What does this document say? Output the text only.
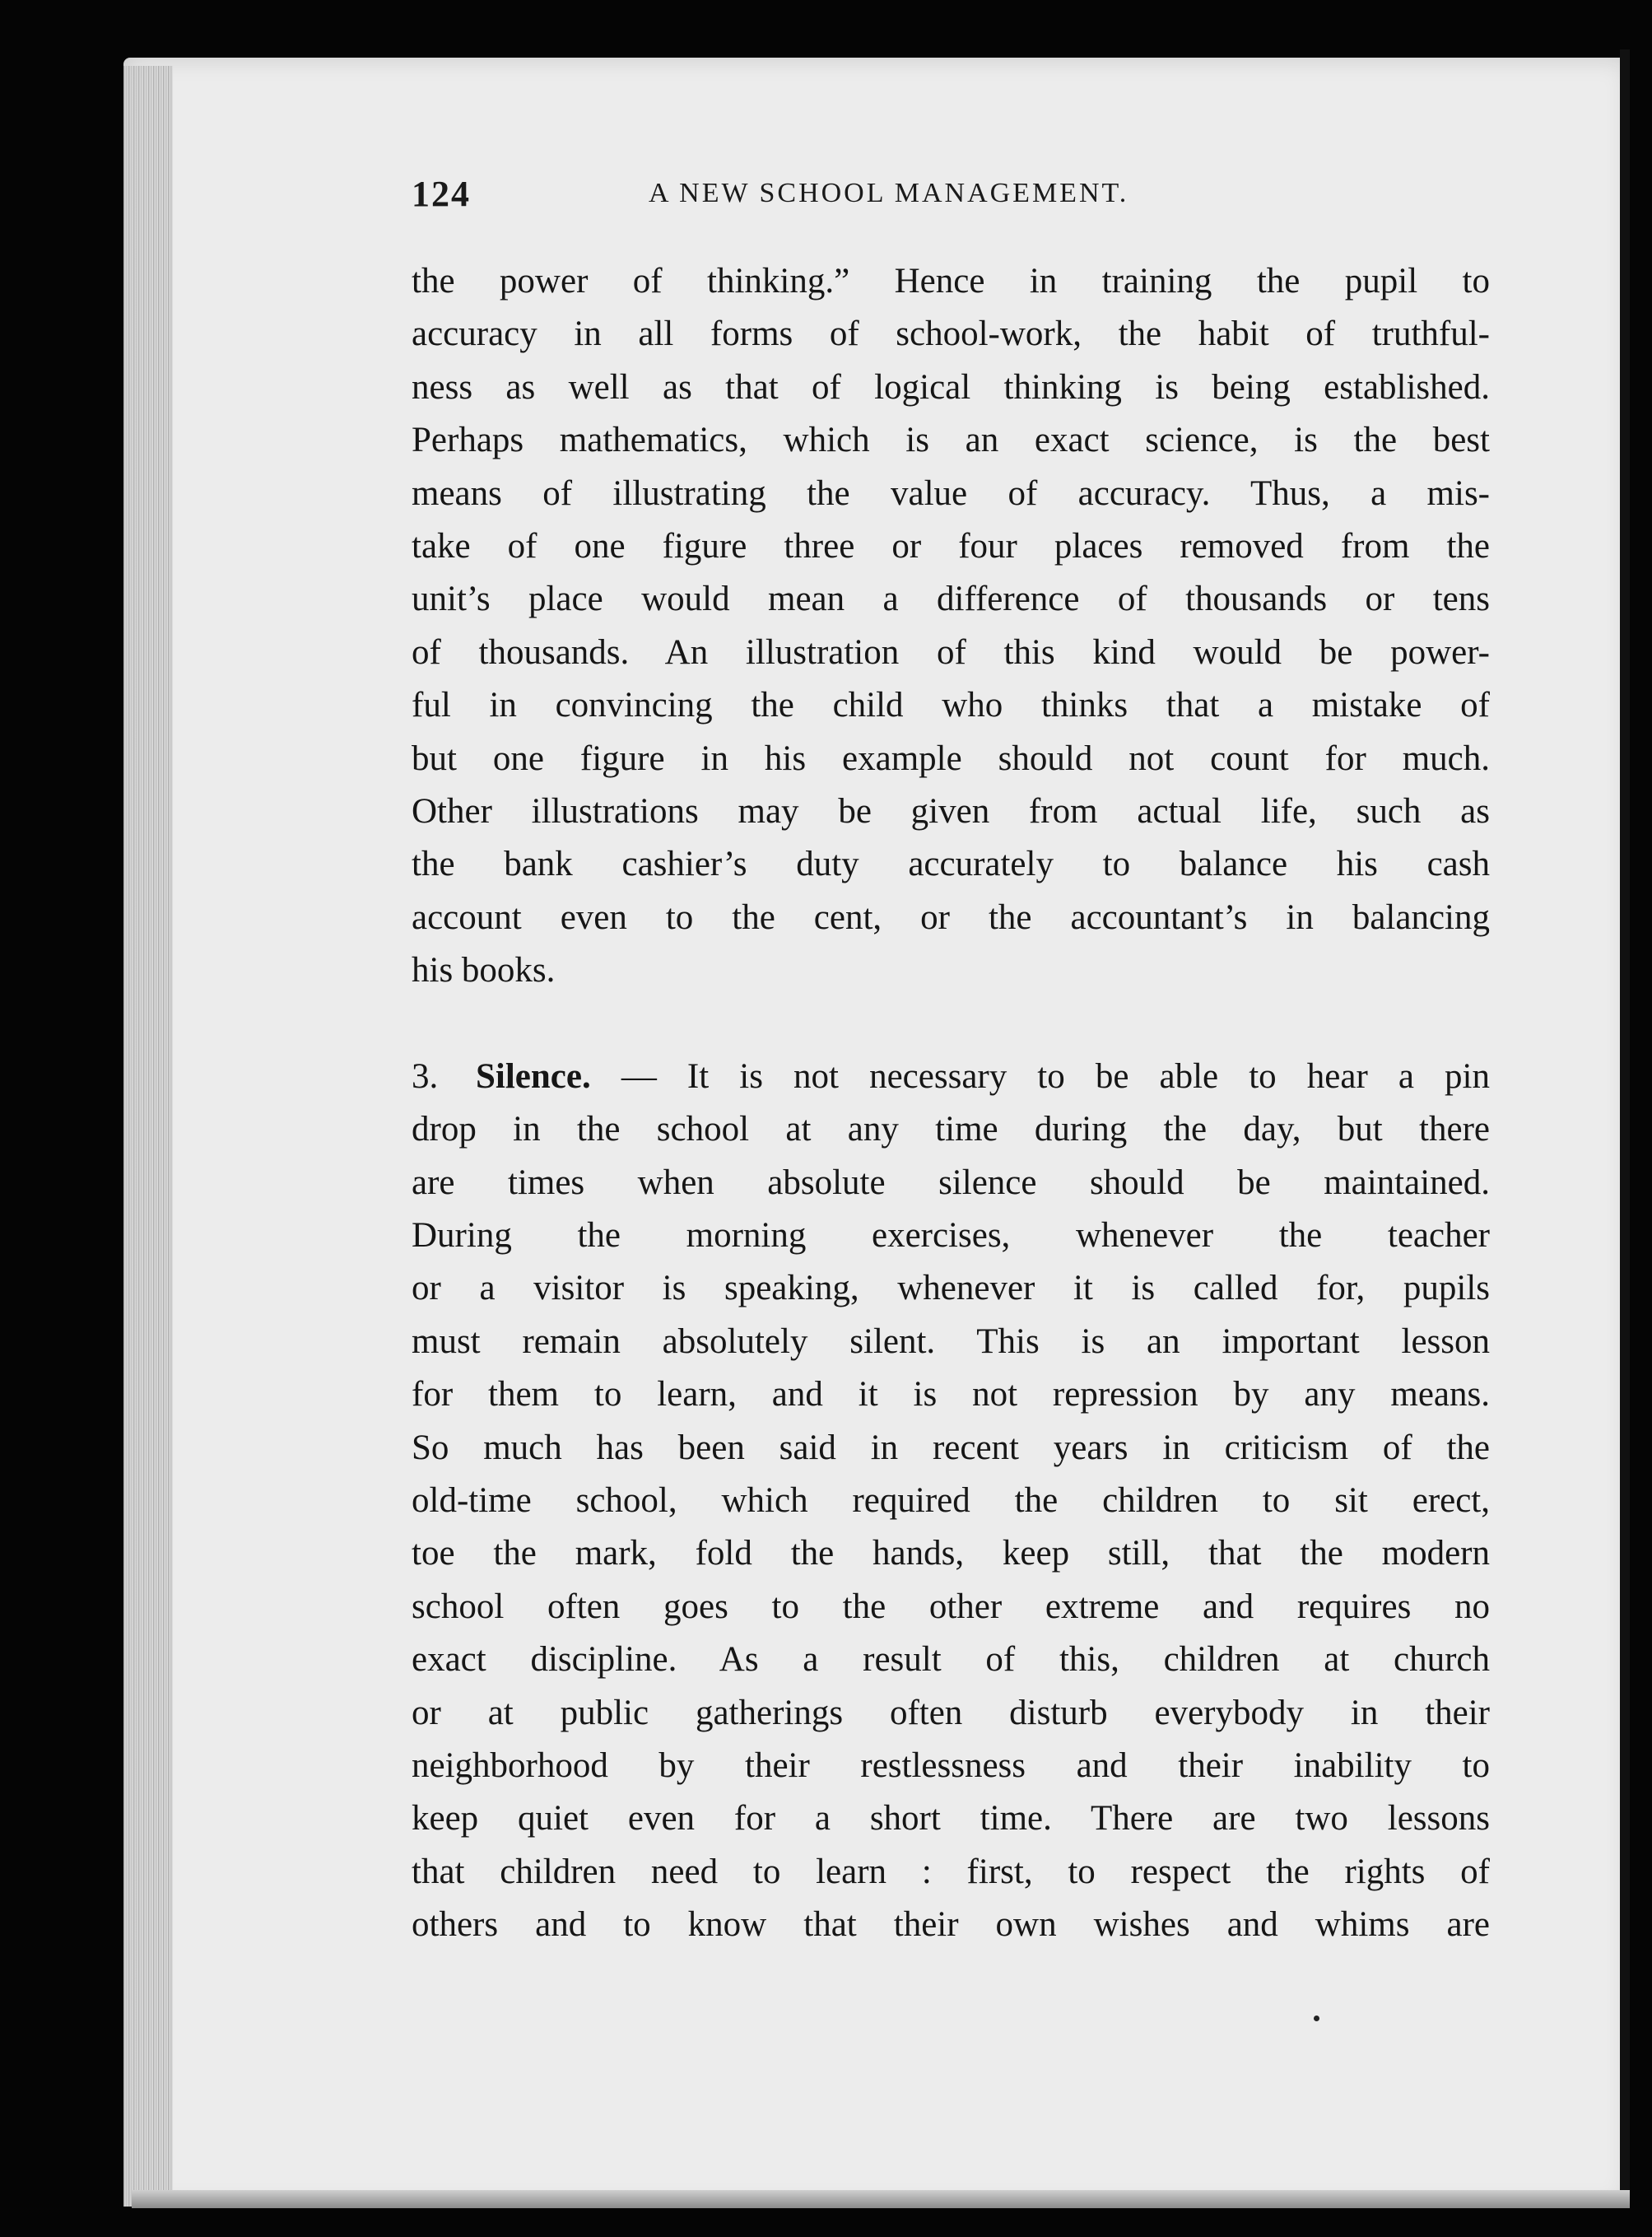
124	A NEW SCHOOL MANAGEMENT.
the power of thinking.” Hence in training the pupil to
accuracy in all forms of school-work, the habit of truthful-
ness as well as that of logical thinking is being established.
Perhaps mathematics, which is an exact science, is the best
means of illustrating the value of accuracy. Thus, a mis-
take of one figure three or four places removed from the
unit’s place would mean a difference of thousands or tens
of thousands. An illustration of this kind would be power-
ful in convincing the child who thinks that a mistake of
but one figure in his example should not count for much.
Other illustrations may be given from actual life, such as
the bank cashier’s duty accurately to balance his cash
account even to the cent, or the accountant’s in balancing
his books.
3. Silence. — It is not necessary to be able to hear a pin
drop in the school at any time during the day, but there
are times when absolute silence should be maintained.
During the morning exercises, whenever the teacher
or a visitor is speaking, whenever it is called for, pupils
must remain absolutely silent. This is an important lesson
for them to learn, and it is not repression by any means.
So much has been said in recent years in criticism of the
old-time school, which required the children to sit erect,
toe the mark, fold the hands, keep still, that the modern
school often goes to the other extreme and requires no
exact discipline. As a result of this, children at church
or at public gatherings often disturb everybody in their
neighborhood by their restlessness and their inability to
keep quiet even for a short time. There are two lessons
that children need to learn : first, to respect the rights of
others and to know that their own wishes and whims are
